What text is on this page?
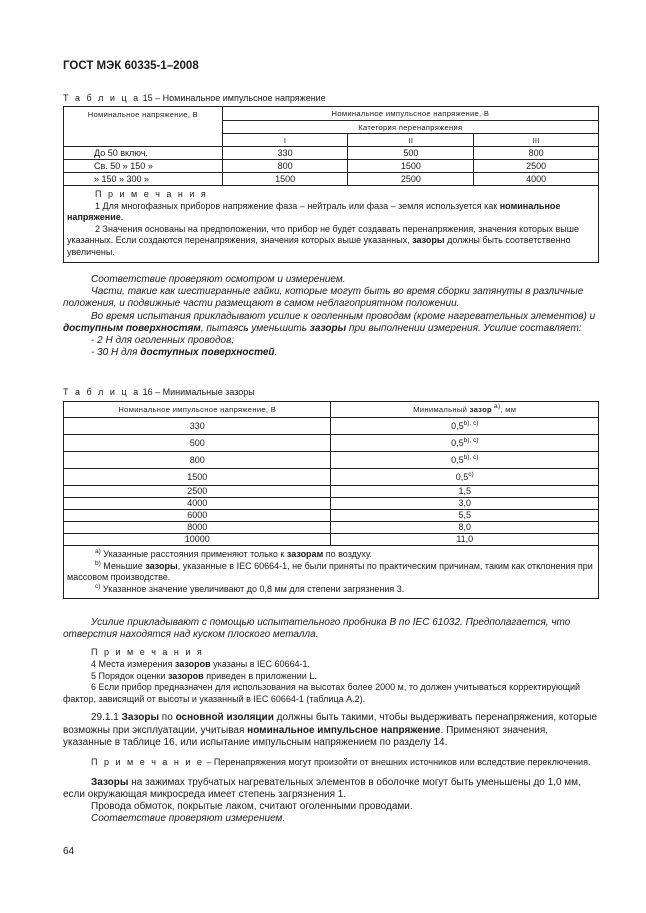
ГОСТ МЭК 60335-1–2008
Т а б л и ц а 15 – Номинальное импульсное напряжение
Номинальное напряжение, В	Номинальное импульсное напряжение, В		
	Категория перенапряжения		
	I	II	III
До 50 включ.	330	500	800
Св. 50 » 150 »	800	1500	2500
» 150 » 300 »	1500	2500	4000

П р и м е ч а н и я

1 Для многофазных приборов напряжение фаза – нейтраль или фаза – земля используется как номинальное напряжение.

2 Значения основаны на предположении, что прибор не будет создавать перенапряжения, значения которых выше указанных. Если создаются перенапряжения, значения которых выше указанных, зазоры должны быть соответственно увеличены.			

Соответствие проверяют осмотром и измерением.

Части, такие как шестигранные гайки, которые могут быть во время сборки затянуты в различные положения, и подвижные части размещают в самом неблагоприятном положении.

Во время испытания прикладывают усилие к оголенным проводам (кроме нагревательных элементов) и доступным поверхностям, пытаясь уменьшить зазоры при выполнении измерения. Усилие составляет:

- 2 Н для оголенных проводов;

- 30 Н для доступных поверхностей.

Т а б л и ц а 16 – Минимальные зазоры
Номинальное импульсное напряжение, В	Минимальный зазор $^{a)}$, мм
330	$0,5^{b), c)}$
500	$0,5^{b), c)}$
800	$0,5^{b), c)}$
1500	0,5$^{c)}$
2500	1,5
4000	3,0
6000	5,5
8000	8,0
10000	11,0

$^{a)}$ Указанные расстояния применяют только к зазорам по воздуху.

$^{b)}$ Меньшие зазоры, указанные в IEC 60664-1, не были приняты по практическим причинам, таким как отклонения при массовом производстве.

$^{c)}$ Указанное значение увеличивают до 0,8 мм для степени загрязнения 3.	

Усилие прикладывают с помощью испытательного пробника В по IEC 61032. Предполагается, что отверстия находятся над куском плоского металла.

П р и м е ч а н и я

4 Места измерения зазоров указаны в IEC 60664-1.

5 Порядок оценки зазоров приведен в приложении L.

6 Если прибор предназначен для использования на высотах более 2000 м, то должен учитываться корректирующий фактор, зависящий от высоты и указанный в IEC 60664-1 (таблица А.2).

29.1.1 Зазоры по основной изоляции должны быть такими, чтобы выдерживать перенапряжения, которые возможны при эксплуатации, учитывая номинальное импульсное напряжение. Применяют значения, указанные в таблице 16, или испытание импульсным напряжением по разделу 14.

П р и м е ч а н и е – Перенапряжения могут произойти от внешних источников или вследствие переключения.

Зазоры на зажимах трубчатых нагревательных элементов в оболочке могут быть уменьшены до 1,0 мм, если окружающая микросреда имеет степень загрязнения 1.

Провода обмоток, покрытые лаком, считают оголенными проводами.

Соответствие проверяют измерением.

64
